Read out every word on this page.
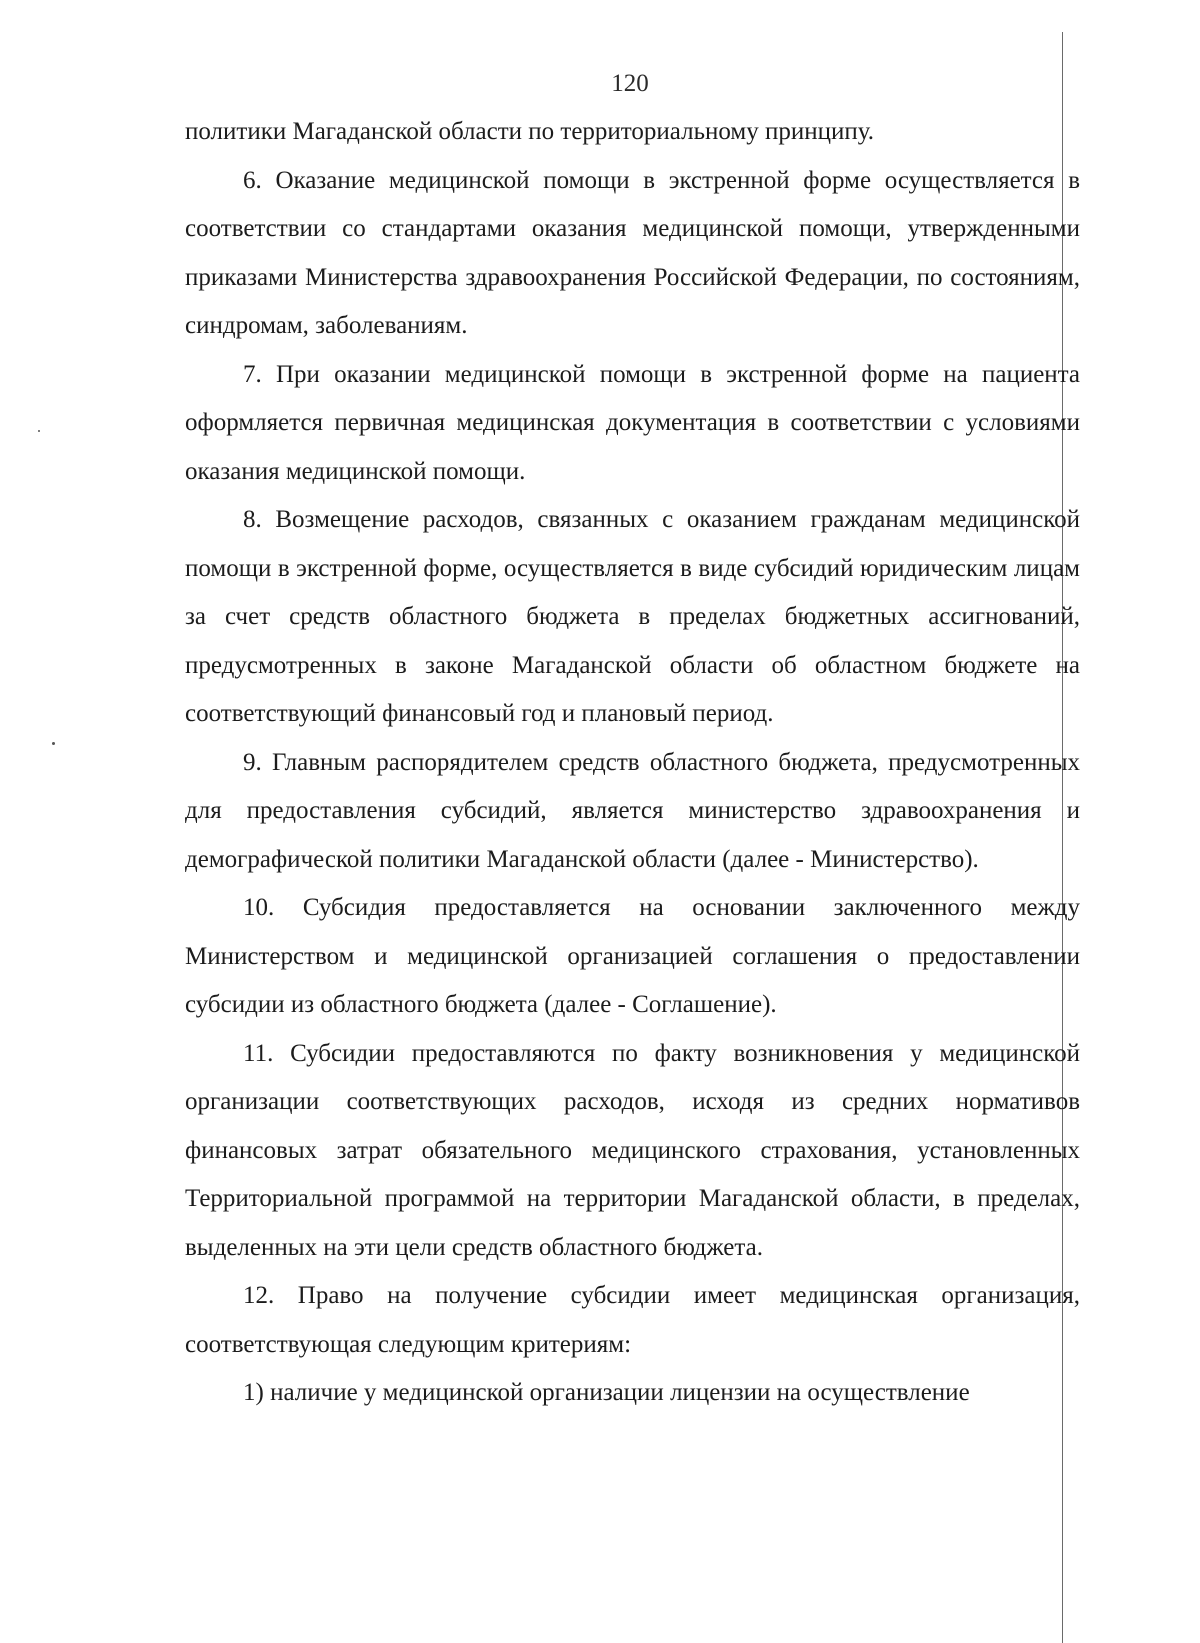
120

политики Магаданской области по территориальному принципу.

6. Оказание медицинской помощи в экстренной форме осуществляется в соответствии со стандартами оказания медицинской помощи, утвержденными приказами Министерства здравоохранения Российской Федерации, по состояниям, синдромам, заболеваниям.

7. При оказании медицинской помощи в экстренной форме на пациента оформляется первичная медицинская документация в соответствии с условиями оказания медицинской помощи.

8. Возмещение расходов, связанных с оказанием гражданам медицинской помощи в экстренной форме, осуществляется в виде субсидий юридическим лицам за счет средств областного бюджета в пределах бюджетных ассигнований, предусмотренных в законе Магаданской области об областном бюджете на соответствующий финансовый год и плановый период.

9. Главным распорядителем средств областного бюджета, предусмотренных для предоставления субсидий, является министерство здравоохранения и демографической политики Магаданской области (далее - Министерство).

10. Субсидия предоставляется на основании заключенного между Министерством и медицинской организацией соглашения о предоставлении субсидии из областного бюджета (далее - Соглашение).

11. Субсидии предоставляются по факту возникновения у медицинской организации соответствующих расходов, исходя из средних нормативов финансовых затрат обязательного медицинского страхования, установленных Территориальной программой на территории Магаданской области, в пределах, выделенных на эти цели средств областного бюджета.

12. Право на получение субсидии имеет медицинская организация, соответствующая следующим критериям:

1) наличие у медицинской организации лицензии на осуществление
